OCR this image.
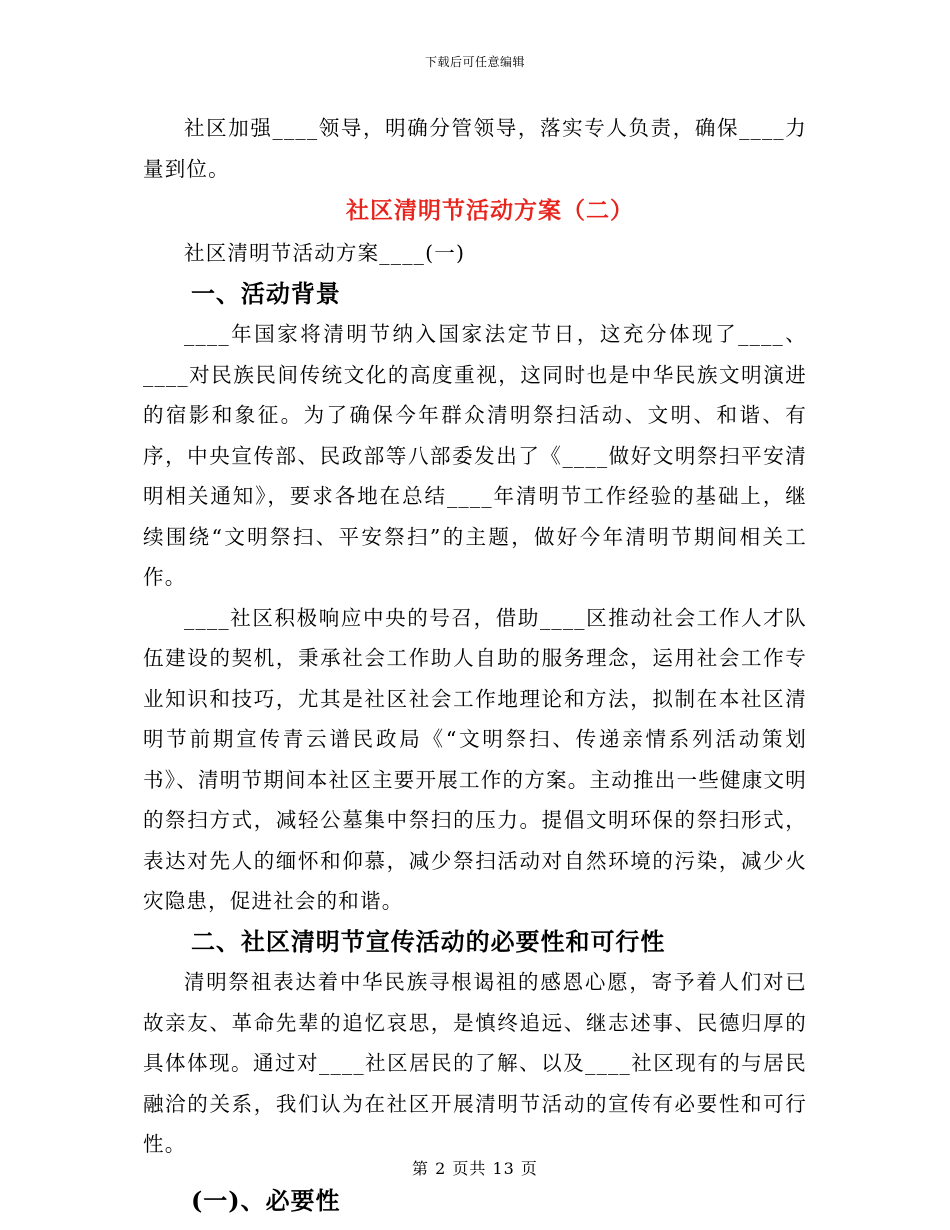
下载后可任意编辑

社区加强____领导，明确分管领导，落实专人负责，确保____力量到位。

社区清明节活动方案（二）

社区清明节活动方案____(一)

一、活动背景

____年国家将清明节纳入国家法定节日，这充分体现了____、____对民族民间传统文化的高度重视，这同时也是中华民族文明演进的宿影和象征。为了确保今年群众清明祭扫活动、文明、和谐、有序，中央宣传部、民政部等八部委发出了《____做好文明祭扫平安清明相关通知》，要求各地在总结____年清明节工作经验的基础上，继续围绕“文明祭扫、平安祭扫”的主题，做好今年清明节期间相关工作。

____社区积极响应中央的号召，借助____区推动社会工作人才队伍建设的契机，秉承社会工作助人自助的服务理念，运用社会工作专业知识和技巧，尤其是社区社会工作地理论和方法，拟制在本社区清明节前期宣传青云谱民政局《“文明祭扫、传递亲情系列活动策划书》、清明节期间本社区主要开展工作的方案。主动推出一些健康文明的祭扫方式，减轻公墓集中祭扫的压力。提倡文明环保的祭扫形式，表达对先人的缅怀和仰慕，减少祭扫活动对自然环境的污染，减少火灾隐患，促进社会的和谐。

二、社区清明节宣传活动的必要性和可行性

清明祭祖表达着中华民族寻根谒祖的感恩心愿，寄予着人们对已故亲友、革命先辈的追忆哀思，是慎终追远、继志述事、民德归厚的具体体现。通过对____社区居民的了解、以及____社区现有的与居民融洽的关系，我们认为在社区开展清明节活动的宣传有必要性和可行性。

(一)、必要性
第 2 页共 13 页
